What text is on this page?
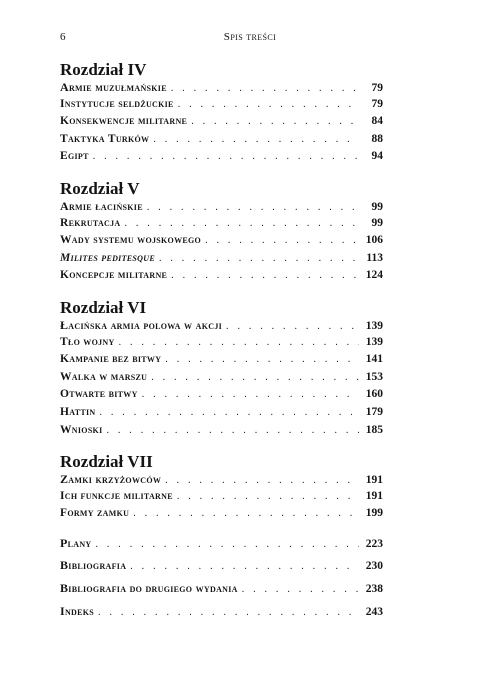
6	Spis treści
Rozdział IV
Armie muzułmańskie . . .	79
Instytucje seldżuckie . . .	79
Konsekwencje militarne . . .	84
Taktyka Turków . . .	88
Egipt . . .	94
Rozdział V
Armie łacińskie . . .	99
Rekrutacja . . .	99
Wady systemu wojskowego . . .	106
Milites peditesque . . .	113
Koncepcje militarne . . .	124
Rozdział VI
Łacińska armia polowa w akcji . . .	139
Tło wojny . . .	139
Kampanie bez bitwy . . .	141
Walka w marszu . . .	153
Otwarte bitwy . . .	160
Hattin . . .	179
Wnioski . . .	185
Rozdział VII
Zamki krzyżowców . . .	191
Ich funkcje militarne . . .	191
Formy zamku . . .	199
Plany . . .	223
Bibliografia . . .	230
Bibliografia do drugiego wydania . . .	238
Indeks . . .	243
